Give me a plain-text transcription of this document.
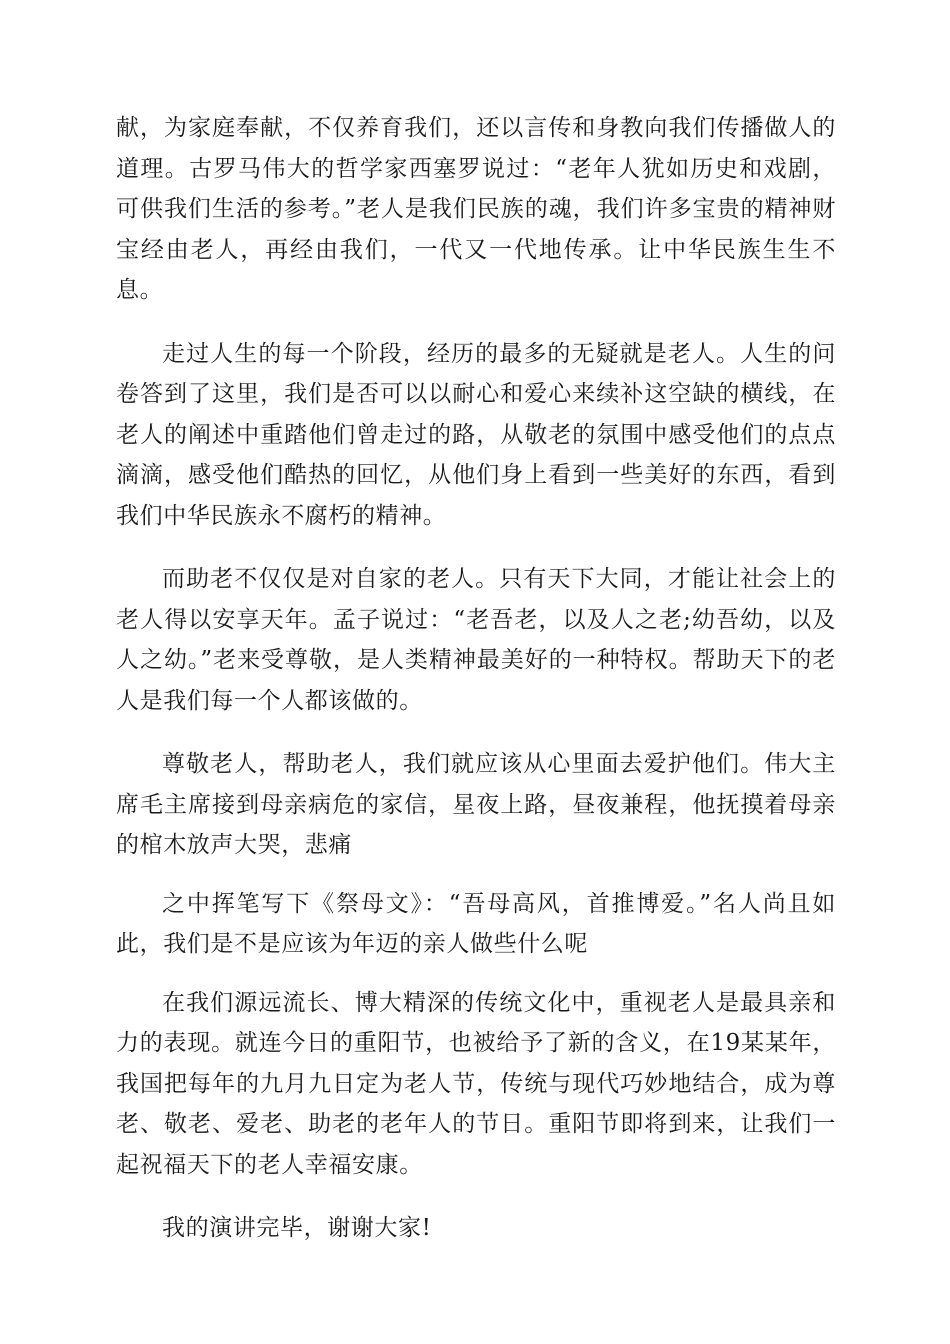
献，为家庭奉献，不仅养育我们，还以言传和身教向我们传播做人的道理。古罗马伟大的哲学家西塞罗说过：“老年人犹如历史和戏剧，可供我们生活的参考。”老人是我们民族的魂，我们许多宝贵的精神财宝经由老人，再经由我们，一代又一代地传承。让中华民族生生不息。

走过人生的每一个阶段，经历的最多的无疑就是老人。人生的问卷答到了这里，我们是否可以以耐心和爱心来续补这空缺的横线，在老人的阐述中重踏他们曾走过的路，从敬老的氛围中感受他们的点点滴滴，感受他们酷热的回忆，从他们身上看到一些美好的东西，看到我们中华民族永不腐朽的精神。

而助老不仅仅是对自家的老人。只有天下大同，才能让社会上的老人得以安享天年。孟子说过：“老吾老，以及人之老;幼吾幼，以及人之幼。”老来受尊敬，是人类精神最美好的一种特权。帮助天下的老人是我们每一个人都该做的。

尊敬老人，帮助老人，我们就应该从心里面去爱护他们。伟大主席毛主席接到母亲病危的家信，星夜上路，昼夜兼程，他抚摸着母亲的棺木放声大哭，悲痛

之中挥笔写下《祭母文》：“吾母高风，首推博爱。”名人尚且如此，我们是不是应该为年迈的亲人做些什么呢

在我们源远流长、博大精深的传统文化中，重视老人是最具亲和力的表现。就连今日的重阳节，也被给予了新的含义，在19某某年，我国把每年的九月九日定为老人节，传统与现代巧妙地结合，成为尊老、敬老、爱老、助老的老年人的节日。重阳节即将到来，让我们一起祝福天下的老人幸福安康。

我的演讲完毕，谢谢大家!
